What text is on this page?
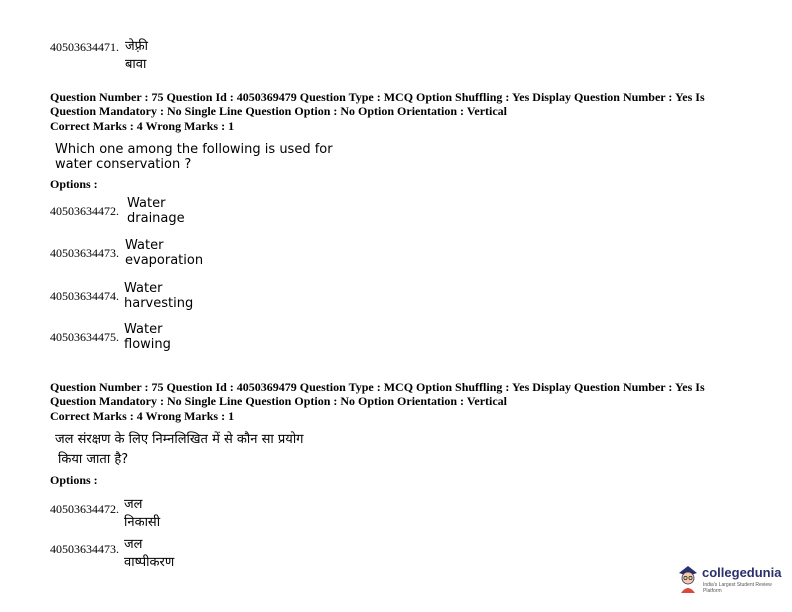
40503634471. जेफ़्री बावा
Question Number : 75 Question Id : 4050369479 Question Type : MCQ Option Shuffling : Yes Display Question Number : Yes Is
Question Mandatory : No Single Line Question Option : No Option Orientation : Vertical
Correct Marks : 4 Wrong Marks : 1
Which one among the following is used for
water conservation ?
Options :
40503634472. Water drainage
40503634473. Water evaporation
40503634474. Water harvesting
40503634475. Water flowing
Question Number : 75 Question Id : 4050369479 Question Type : MCQ Option Shuffling : Yes Display Question Number : Yes Is
Question Mandatory : No Single Line Question Option : No Option Orientation : Vertical
Correct Marks : 4 Wrong Marks : 1
जल संरक्षण के लिए निम्नलिखित में से कौन सा प्रयोग
किया जाता है?
Options :
40503634472. जल निकासी
40503634473. जल वाष्पीकरण
collegedunia
India's Largest Student Review Platform
